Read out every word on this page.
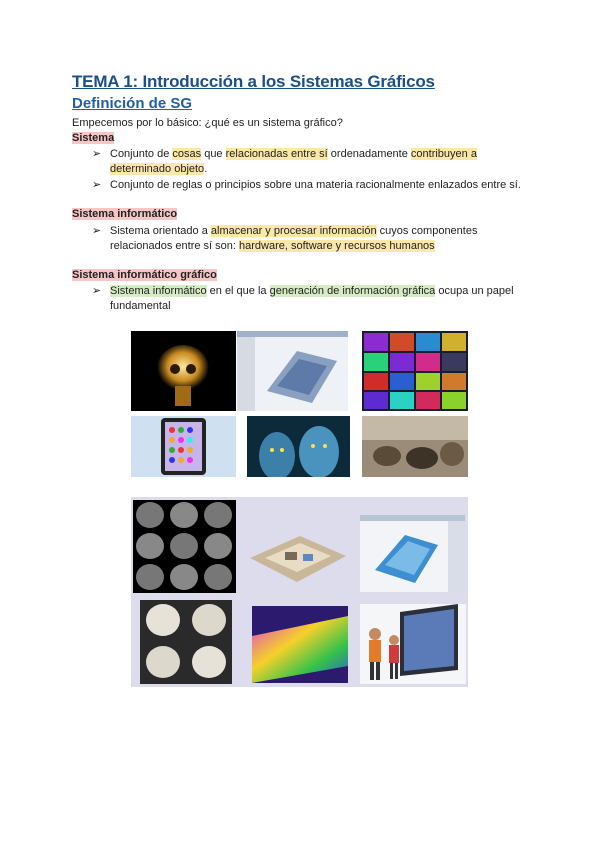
TEMA 1: Introducción a los Sistemas Gráficos
Definición de SG
Empecemos por lo básico: ¿qué es un sistema gráfico?
Sistema
➢ Conjunto de cosas que relacionadas entre sí ordenadamente contribuyen a
determinado objeto.
➢ Conjunto de reglas o principios sobre una materia racionalmente enlazados entre sí.
Sistema informático
➢ Sistema orientado a almacenar y procesar información cuyos componentes
relacionados entre sí son: hardware, software y recursos humanos
Sistema informático gráfico
➢ Sistema informático en el que la generación de información gráfica ocupa un papel
fundamental
